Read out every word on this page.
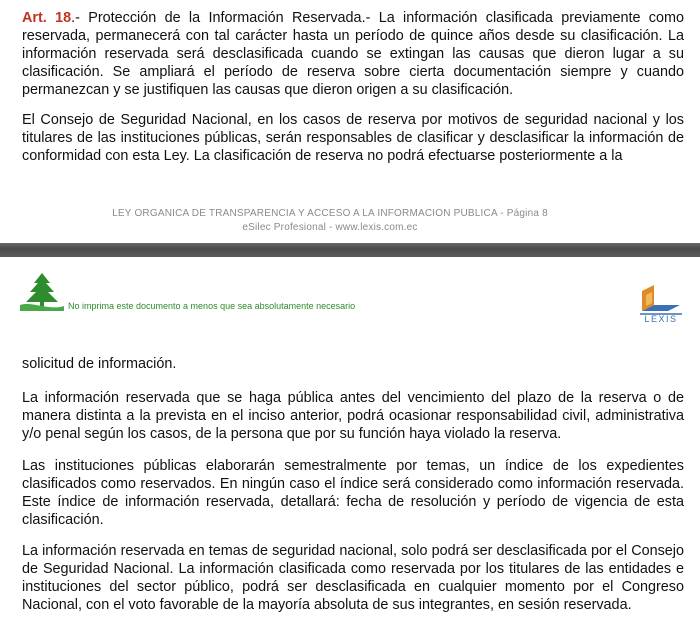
Art. 18.- Protección de la Información Reservada.- La información clasificada previamente como reservada, permanecerá con tal carácter hasta un período de quince años desde su clasificación. La información reservada será desclasificada cuando se extingan las causas que dieron lugar a su clasificación. Se ampliará el período de reserva sobre cierta documentación siempre y cuando permanezcan y se justifiquen las causas que dieron origen a su clasificación.

El Consejo de Seguridad Nacional, en los casos de reserva por motivos de seguridad nacional y los titulares de las instituciones públicas, serán responsables de clasificar y desclasificar la información de conformidad con esta Ley. La clasificación de reserva no podrá efectuarse posteriormente a la

LEY ORGANICA DE TRANSPARENCIA Y ACCESO A LA INFORMACION PUBLICA - Página 8
eSilec Profesional - www.lexis.com.ec
No imprima este documento a menos que sea absolutamente necesario
LEXIS

solicitud de información.

La información reservada que se haga pública antes del vencimiento del plazo de la reserva o de manera distinta a la prevista en el inciso anterior, podrá ocasionar responsabilidad civil, administrativa y/o penal según los casos, de la persona que por su función haya violado la reserva.

Las instituciones públicas elaborarán semestralmente por temas, un índice de los expedientes clasificados como reservados. En ningún caso el índice será considerado como información reservada. Este índice de información reservada, detallará: fecha de resolución y período de vigencia de esta clasificación.

La información reservada en temas de seguridad nacional, solo podrá ser desclasificada por el Consejo de Seguridad Nacional. La información clasificada como reservada por los titulares de las entidades e instituciones del sector público, podrá ser desclasificada en cualquier momento por el Congreso Nacional, con el voto favorable de la mayoría absoluta de sus integrantes, en sesión reservada.
